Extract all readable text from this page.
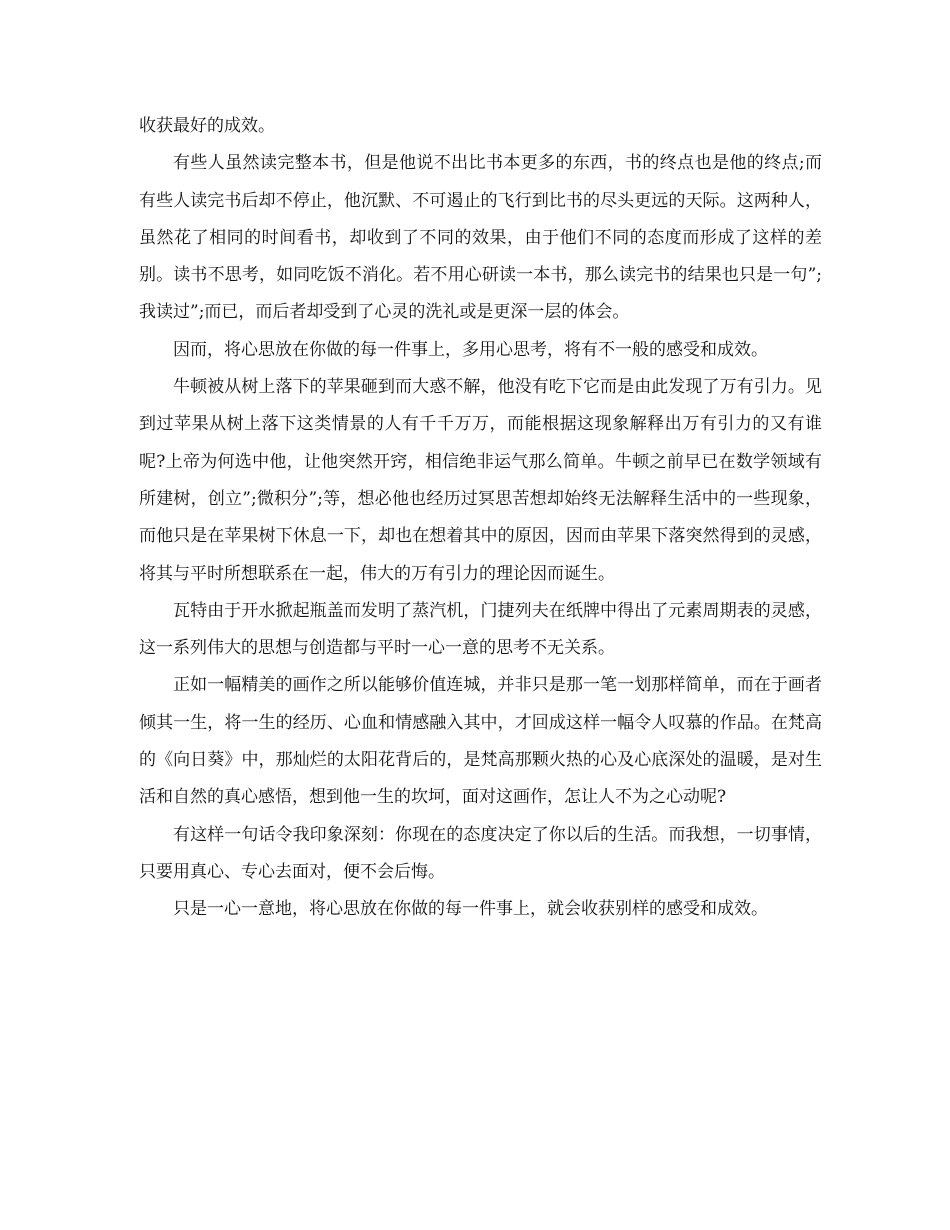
收获最好的成效。

有些人虽然读完整本书，但是他说不出比书本更多的东西，书的终点也是他的终点;而有些人读完书后却不停止，他沉默、不可遏止的飞行到比书的尽头更远的天际。这两种人，虽然花了相同的时间看书，却收到了不同的效果，由于他们不同的态度而形成了这样的差别。读书不思考，如同吃饭不消化。若不用心研读一本书，那么读完书的结果也只是一句”;我读过”;而已，而后者却受到了心灵的洗礼或是更深一层的体会。

因而，将心思放在你做的每一件事上，多用心思考，将有不一般的感受和成效。

牛顿被从树上落下的苹果砸到而大惑不解，他没有吃下它而是由此发现了万有引力。见到过苹果从树上落下这类情景的人有千千万万，而能根据这现象解释出万有引力的又有谁呢?上帝为何选中他，让他突然开窍，相信绝非运气那么简单。牛顿之前早已在数学领域有所建树，创立”;微积分”;等，想必他也经历过冥思苦想却始终无法解释生活中的一些现象，而他只是在苹果树下休息一下，却也在想着其中的原因，因而由苹果下落突然得到的灵感，将其与平时所想联系在一起，伟大的万有引力的理论因而诞生。

瓦特由于开水掀起瓶盖而发明了蒸汽机，门捷列夫在纸牌中得出了元素周期表的灵感，这一系列伟大的思想与创造都与平时一心一意的思考不无关系。

正如一幅精美的画作之所以能够价值连城，并非只是那一笔一划那样简单，而在于画者倾其一生，将一生的经历、心血和情感融入其中，才回成这样一幅令人叹慕的作品。在梵高的《向日葵》中，那灿烂的太阳花背后的，是梵高那颗火热的心及心底深处的温暖，是对生活和自然的真心感悟，想到他一生的坎坷，面对这画作，怎让人不为之心动呢?

有这样一句话令我印象深刻：你现在的态度决定了你以后的生活。而我想，一切事情，只要用真心、专心去面对，便不会后悔。

只是一心一意地，将心思放在你做的每一件事上，就会收获别样的感受和成效。
